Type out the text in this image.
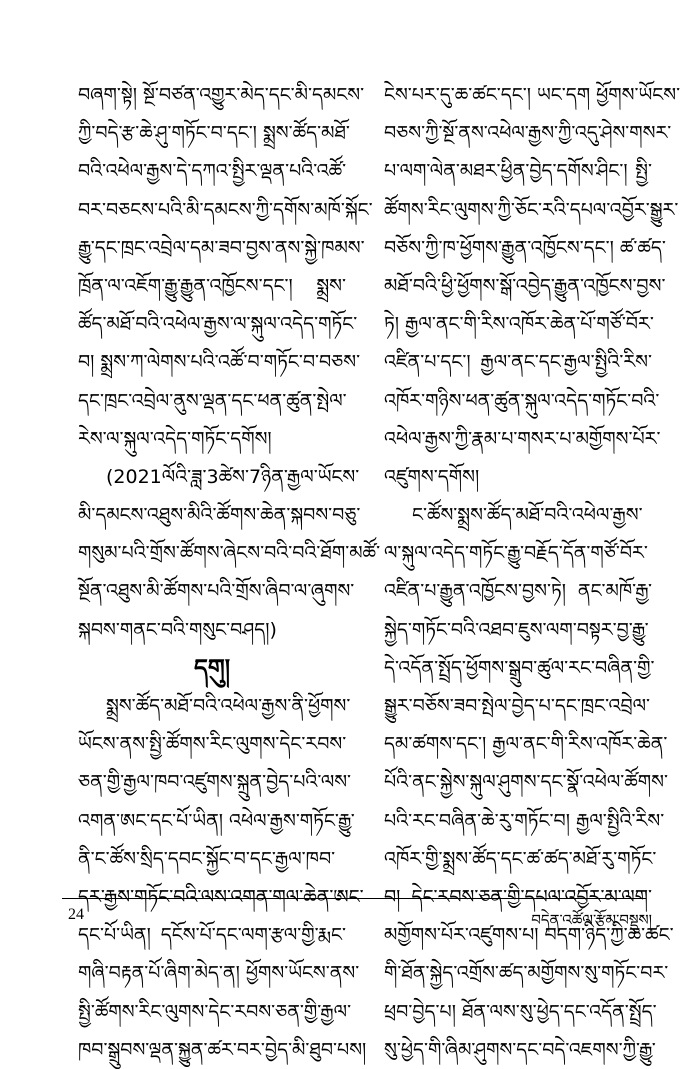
བཞག་སྟེ། སྔོ་བཙན་འགྱུར་མེད་དང་མི་དམངས་
ཀྱི་བདེ་རྩ་ཆེ་ཤུ་གཏོང་བ་དང་། སྨྲས་ཚོད་མཐོ་
བའི་འཕེལ་རྒྱས་དེ་དཀའ་སྤྱིར་ལྡན་པའི་འཚོ་
བར་བཅངས་པའི་མི་དམངས་ཀྱི་དགོས་མཁོ་སྐོང་
རྒྱུ་དང་ཁྲང་འབྲེལ་དམ་ཟབ་བྱས་ནས་སྐྱེ་ཁམས་
ཁྲོན་ལ་འཇོག་རྒྱུ་རྒྱུན་འཁྱོངས་དང་། སྨྲས་
ཚོད་མཐོ་བའི་འཕེལ་རྒྱས་ལ་སྐུལ་འདེད་གཏོང་
བ། སྨྲས་ཀ་ལེགས་པའི་འཚོ་བ་གཏོང་བ་བཅས་
དང་ཁྲང་འབྲེལ་ནུས་ལྡན་དང་ཕན་ཚུན་སྤེལ་
རེས་ལ་སྐུལ་འདེད་གཏོང་དགོས།
(2021ལོའི་ཟླ་3ཚེས་7ཉིན་རྒྱལ་ཡོངས་
མི་དམངས་འཐུས་མིའི་ཚོགས་ཆེན་སྐབས་བཅུ་
གསུམ་པའི་གྲོས་ཚོགས་ཞེངས་བའི་བའི་ཐོག་མཚོ་
སྔོན་འཐུས་མི་ཚོགས་པའི་གྲོས་ཞིབ་ལ་ཞུགས་
སྐབས་གནང་བའི་གསུང་བཤད།)
དགུ།
སྨྲས་ཚོད་མཐོ་བའི་འཕེལ་རྒྱས་ནི་ཕྱོགས་
ཡོངས་ནས་སྤྱི་ཚོགས་རིང་ལུགས་དེང་རབས་
ཅན་གྱི་རྒྱལ་ཁབ་འཛུགས་སྐྲུན་བྱེད་པའི་ལས་
འགན་ཨང་དང་པོ་ཡིན། འཕེལ་རྒྱས་གཏོང་རྒྱུ་
ནི་ང་ཚོས་སྲིད་དབང་སྐྱོང་བ་དང་རྒྱལ་ཁབ་
དར་རྒྱས་གཏོང་བའི་ལས་འགན་གལ་ཆེན་ཨང་
དང་པོ་ཡིན། དངོས་པོ་དང་ལག་རྩལ་གྱི་རྨང་
གཞི་བརྟན་པོ་ཞིག་མེད་ན། ཕྱོགས་ཡོངས་ནས་
སྤྱི་ཚོགས་རིང་ལུགས་དེང་རབས་ཅན་གྱི་རྒྱལ་
ཁབ་སྒྲུབས་ལྡན་སྐྱུན་ཚར་བར་བྱེད་མི་ཐུབ་པས།
ངེས་པར་དུ་ཆ་ཚང་དང་། ཡང་དག ཕྱོགས་ཡོངས་
བཅས་ཀྱི་སྔོ་ནས་འཕེལ་རྒྱས་ཀྱི་འདུ་ཤེས་གསར་
པ་ལག་ལེན་མཐར་ཕྱིན་བྱེད་དགོས་ཤིང་། སྤྱི་
ཚོགས་རིང་ལུགས་ཀྱི་ཅོང་རའི་དཔལ་འབྱོར་སྒྱུར་
བཅོས་ཀྱི་ཁ་ཕྱོགས་རྒྱུན་འཁྱོངས་དང་། ཚ་ཚད་
མཐོ་བའི་ཕྱི་ཕྱོགས་སྒོ་འབྱེད་རྒྱུན་འཁྱོངས་བྱས་
ཏེ། རྒྱལ་ནང་གི་རིས་འཁོར་ཆེན་པོ་གཙོ་བོར་
འཛིན་པ་དང་། རྒྱལ་ནང་དང་རྒྱལ་སྤྱིའི་རིས་
འཁོར་གཉིས་ཕན་ཚུན་སྐུལ་འདེད་གཏོང་བའི་
འཕེལ་རྒྱས་ཀྱི་རྣམ་པ་གསར་པ་མགྱོགས་པོར་
འཛུགས་དགོས།
ང་ཚོས་སྨྲས་ཚོད་མཐོ་བའི་འཕེལ་རྒྱས་
ལ་སྐུལ་འདེད་གཏོང་རྒྱུ་བརྗོད་དོན་གཙོ་བོར་
འཛིན་པ་རྒྱུན་འཁྱོངས་བྱས་ཏེ། ནང་མཁོ་རྒྱ་
སྐྱེད་གཏོང་བའི་འཐབ་ཇུས་ལག་བསྟར་བྱ་རྒྱུ་
དེ་འདོན་སྤྲོད་ཕྱོགས་སྒྲུབ་ཚུལ་རང་བཞིན་གྱི་
སྒྱུར་བཅོས་ཟབ་སྤེལ་བྱེད་པ་དང་ཁྲང་འབྲེལ་
དམ་ཚགས་དང་། རྒྱལ་ནང་གི་རིས་འཁོར་ཆེན་
པོའི་ནང་སྐྱེས་སྐུལ་ཤུགས་དང་སྣོ་འཕེལ་ཚོགས་
པའི་རང་བཞིན་ཆེ་རུ་གཏོང་བ། རྒྱལ་སྤྱིའི་རིས་
འཁོར་གྱི་སྨྲས་ཚོད་དང་ཚ་ཚད་མཐོ་རུ་གཏོང་
བ། དེང་རབས་ཅན་གྱི་དཔལ་འབྱོར་མ་ལག་
མགྱོགས་པོར་འཛུགས་པ། བདག་ཉིད་ཀྱི་ཆ་ཚང་
གི་ཐོན་སྐྱེད་འགྲོས་ཚད་མགྱོགས་སུ་གཏོང་བར་
ཕྲབ་བྱེད་པ། ཐོན་ལས་སུ་ཕྱེད་དང་འདོན་སྤྲོད་
སུ་ཕྱེད་གི་ཞིམ་ཤུགས་དང་བདེ་འཇགས་ཀྱི་རྒྱུ་
24	བདེན་འཚོལ་རྩོམ་བསྡུས།
